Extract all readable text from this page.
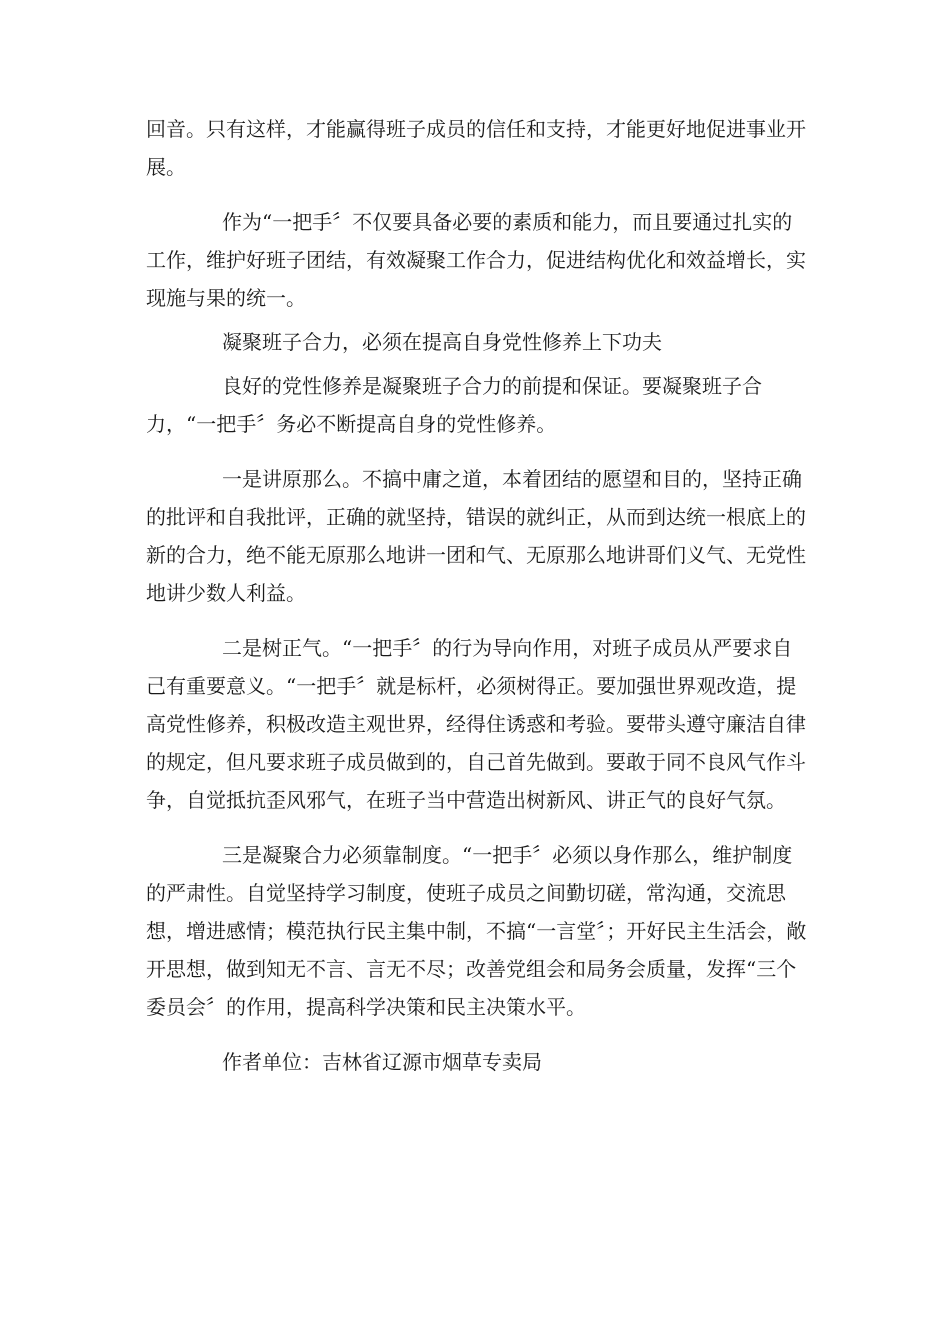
回音。只有这样，才能赢得班子成员的信任和支持，才能更好地促进事业开展。

作为“一把手〞不仅要具备必要的素质和能力，而且要通过扎实的工作，维护好班子团结，有效凝聚工作合力，促进结构优化和效益增长，实现施与果的统一。

凝聚班子合力，必须在提高自身党性修养上下功夫

良好的党性修养是凝聚班子合力的前提和保证。要凝聚班子合力，“一把手〞务必不断提高自身的党性修养。

一是讲原那么。不搞中庸之道，本着团结的愿望和目的，坚持正确的批评和自我批评，正确的就坚持，错误的就纠正，从而到达统一根底上的新的合力，绝不能无原那么地讲一团和气、无原那么地讲哥们义气、无党性地讲少数人利益。

二是树正气。“一把手〞的行为导向作用，对班子成员从严要求自己有重要意义。“一把手〞就是标杆，必须树得正。要加强世界观改造，提高党性修养，积极改造主观世界，经得住诱惑和考验。要带头遵守廉洁自律的规定，但凡要求班子成员做到的，自己首先做到。要敢于同不良风气作斗争，自觉抵抗歪风邪气，在班子当中营造出树新风、讲正气的良好气氛。

三是凝聚合力必须靠制度。“一把手〞必须以身作那么，维护制度的严肃性。自觉坚持学习制度，使班子成员之间勤切磋，常沟通，交流思想，增进感情；模范执行民主集中制，不搞“一言堂〞；开好民主生活会，敞开思想，做到知无不言、言无不尽；改善党组会和局务会质量，发挥“三个委员会〞的作用，提高科学决策和民主决策水平。

作者单位：吉林省辽源市烟草专卖局
